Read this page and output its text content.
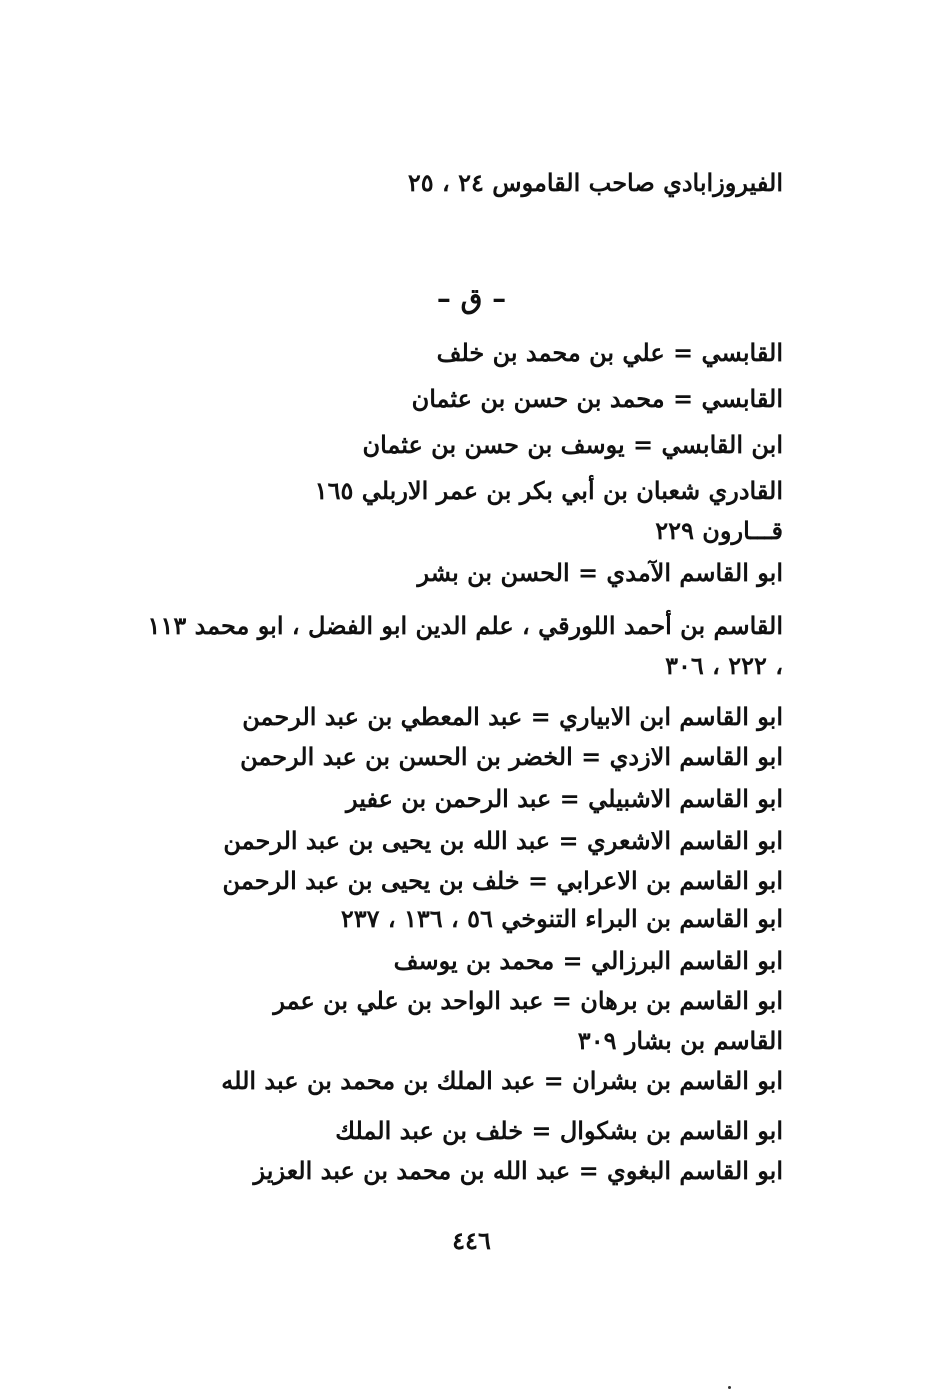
الفيروزابادي صاحب القاموس ٢٤ ، ٢٥
– ق –
القابسي = علي بن محمد بن خلف
القابسي = محمد بن حسن بن عثمان
ابن القابسي = يوسف بن حسن بن عثمان
القادري شعبان بن أبي بكر بن عمر الاربلي ١٦٥
قـــارون ٢٢٩
ابو القاسم الآمدي = الحسن بن بشر
القاسم بن أحمد اللورقي ، علم الدين ابو الفضل ، ابو محمد ١١٣ ، ٢٢٢ ، ٣٠٦
ابو القاسم ابن الابياري = عبد المعطي بن عبد الرحمن
ابو القاسم الازدي = الخضر بن الحسن بن عبد الرحمن
ابو القاسم الاشبيلي = عبد الرحمن بن عفير
ابو القاسم الاشعري = عبد الله بن يحيى بن عبد الرحمن
ابو القاسم بن الاعرابي = خلف بن يحيى بن عبد الرحمن
ابو القاسم بن البراء التنوخي ٥٦ ، ١٣٦ ، ٢٣٧
ابو القاسم البرزالي = محمد بن يوسف
ابو القاسم بن برهان = عبد الواحد بن علي بن عمر
القاسم بن بشار ٣٠٩
ابو القاسم بن بشران = عبد الملك بن محمد بن عبد الله
ابو القاسم بن بشكوال = خلف بن عبد الملك
ابو القاسم البغوي = عبد الله بن محمد بن عبد العزيز
٤٤٦
